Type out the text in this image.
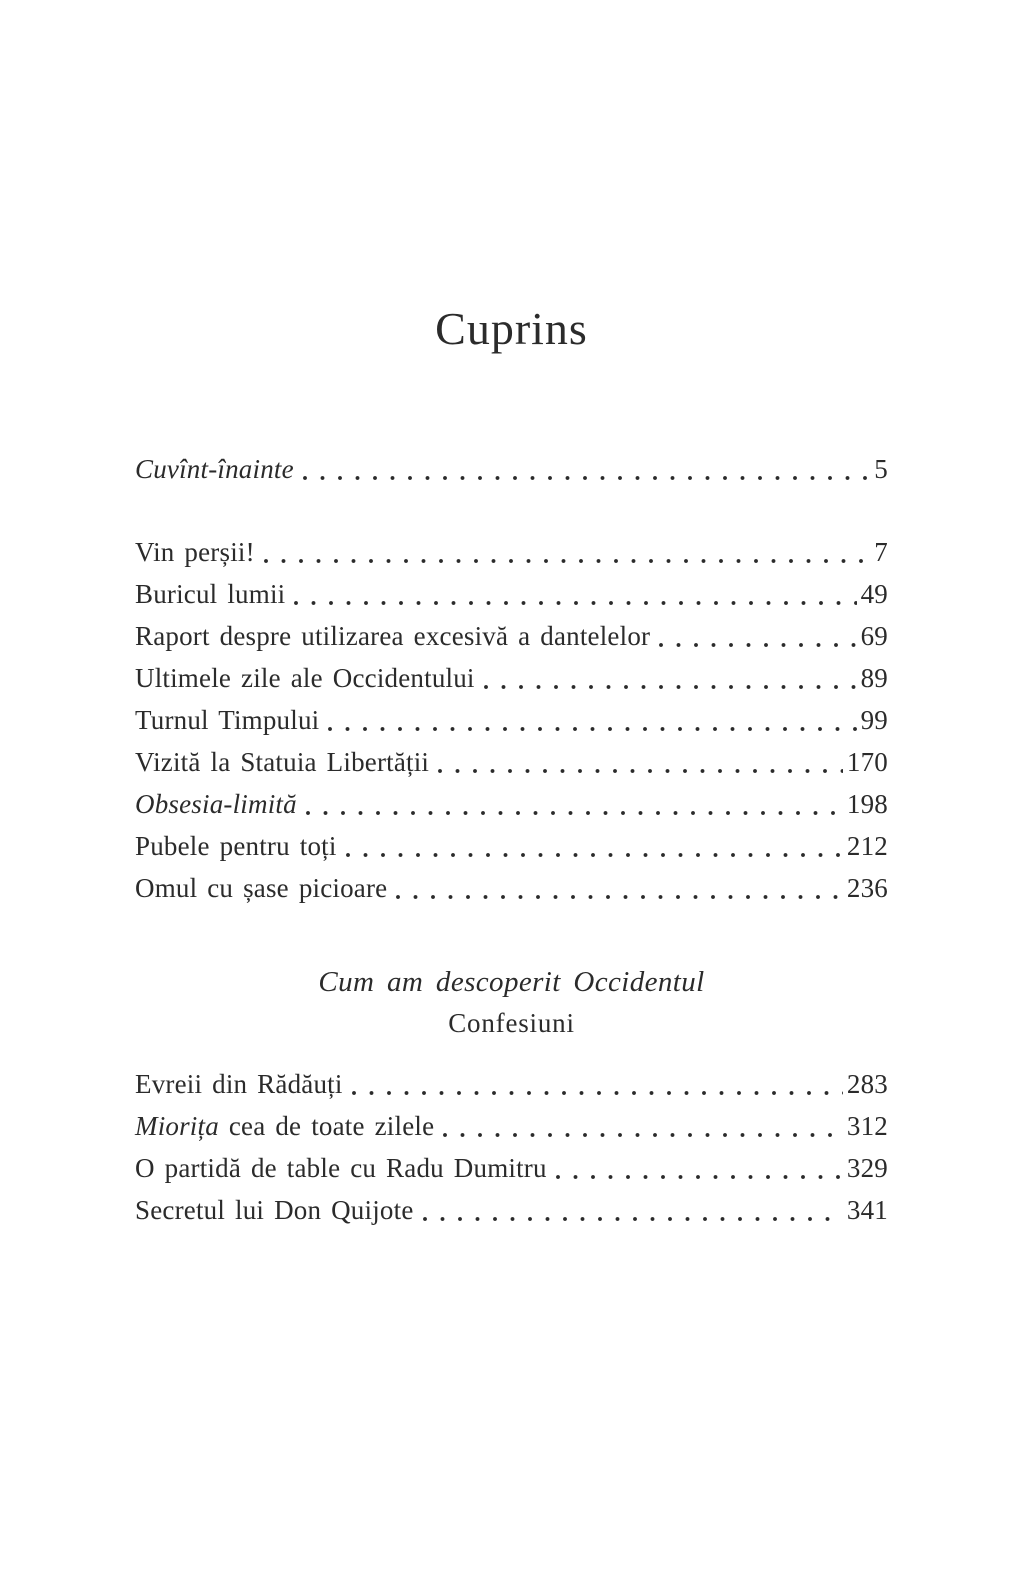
Cuprins
Cuvînt-înainte	5
Vin perșii!	7
Buricul lumii	49
Raport despre utilizarea excesivă a dantelelor	69
Ultimele zile ale Occidentului	89
Turnul Timpului	99
Vizită la Statuia Libertății	170
Obsesia-limită	198
Pubele pentru toți	212
Omul cu șase picioare	236
Cum am descoperit Occidentul
Confesiuni
Evreii din Rădăuți	283
Miorița cea de toate zilele	312
O partidă de table cu Radu Dumitru	329
Secretul lui Don Quijote	341
